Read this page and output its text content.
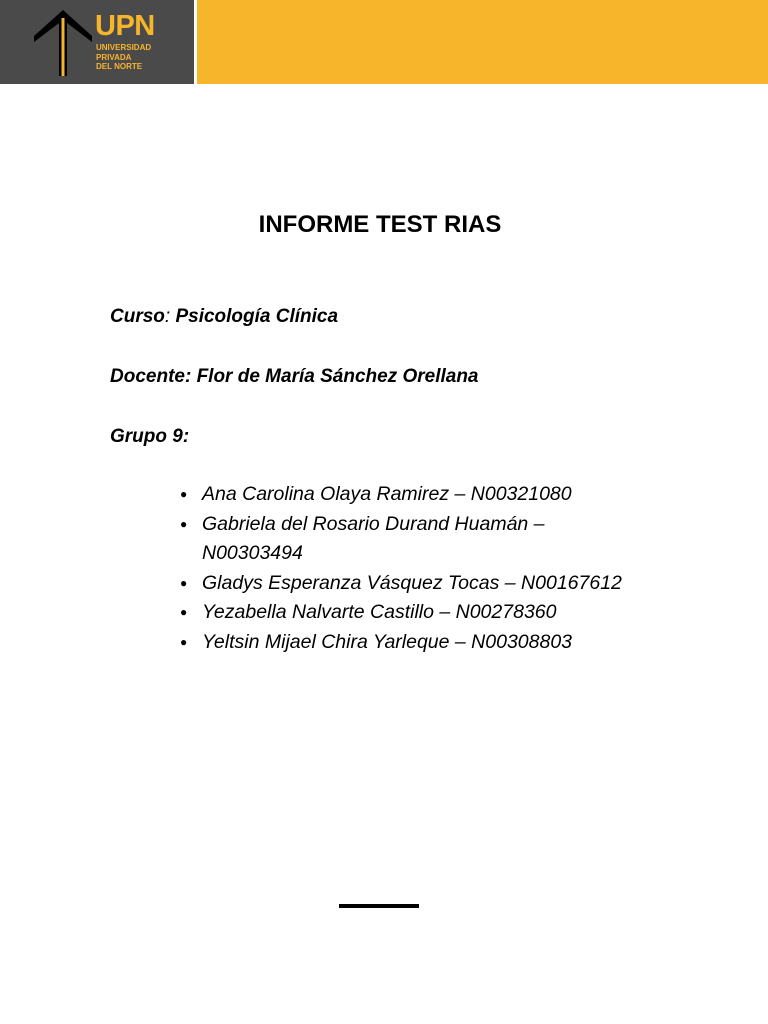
UPN
UNIVERSIDAD
PRIVADA
DEL NORTE
INFORME TEST RIAS
Curso: Psicología Clínica
Docente: Flor de María Sánchez Orellana
Grupo 9:
● Ana Carolina Olaya Ramirez – N00321080
● Gabriela del Rosario Durand Huamán – N00303494
● Gladys Esperanza Vásquez Tocas – N00167612
● Yezabella Nalvarte Castillo – N00278360
● Yeltsin Mijael Chira Yarleque – N00308803
